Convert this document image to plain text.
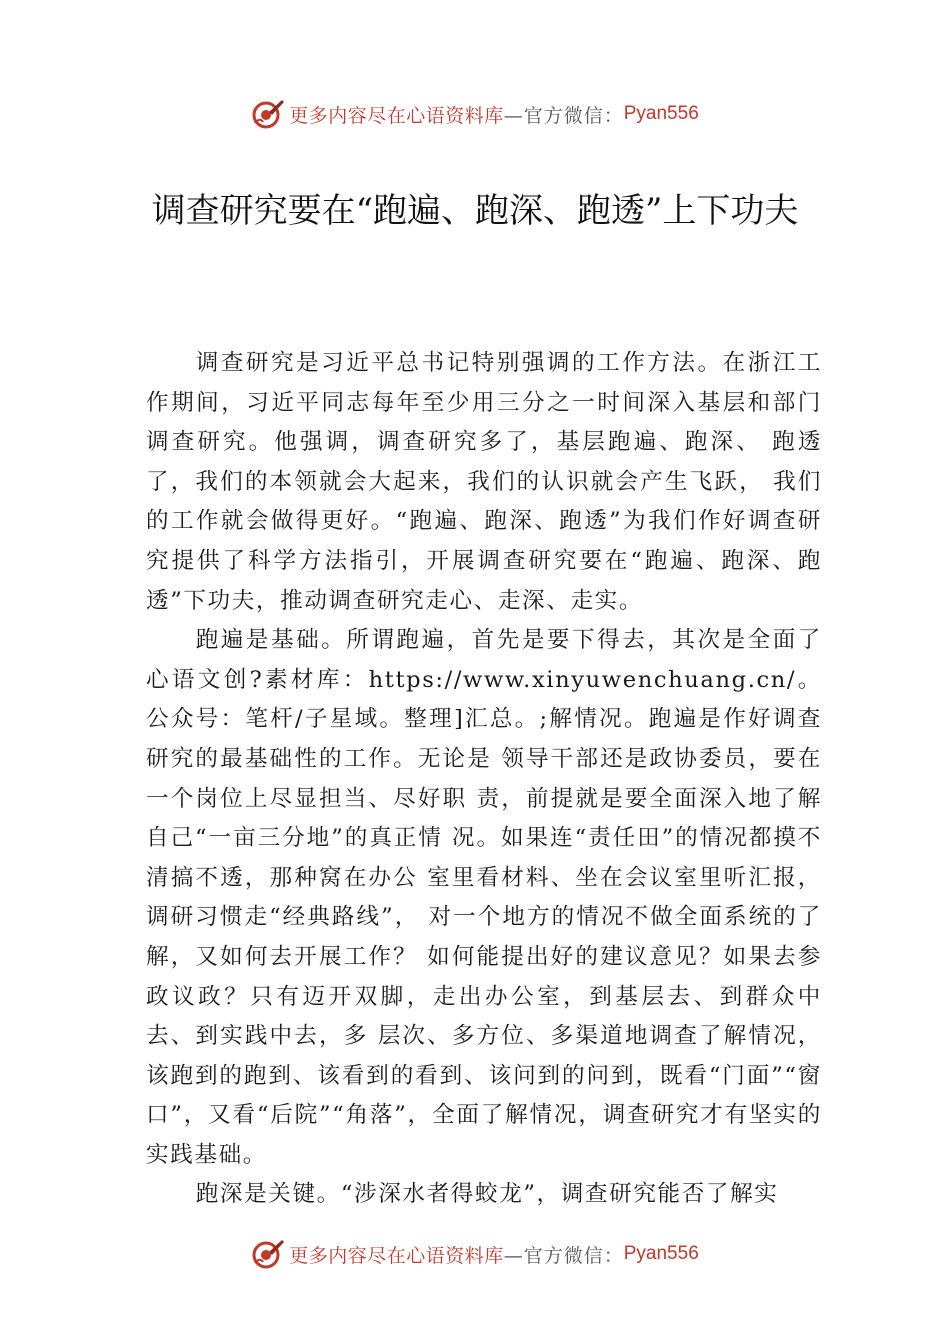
更多内容尽在心语资料库 —官方微信： Pyan556
调查研究要在“跑遍、跑深、跑透”上下功夫

调查研究是习近平总书记特别强调的工作方法。在浙江工作期间，习近平同志每年至少用三分之一时间深入基层和部门调查研究。他强调，调查研究多了，基层跑遍、跑深、 跑透了，我们的本领就会大起来，我们的认识就会产生飞跃， 我们的工作就会做得更好。“跑遍、跑深、跑透”为我们作好调查研究提供了科学方法指引，开展调查研究要在“跑遍、跑深、跑透”下功夫，推动调查研究走心、走深、走实。

跑遍是基础。所谓跑遍，首先是要下得去，其次是全面了心语文创?素材库：https://www.xinyuwenchuang.cn/。公众号：笔杆/子星域。整理]汇总。;解情况。跑遍是作好调查研究的最基础性的工作。无论是 领导干部还是政协委员，要在一个岗位上尽显担当、尽好职 责，前提就是要全面深入地了解自己“一亩三分地”的真正情 况。如果连“责任田”的情况都摸不清搞不透，那种窝在办公 室里看材料、坐在会议室里听汇报，调研习惯走“经典路线”， 对一个地方的情况不做全面系统的了解，又如何去开展工作？ 如何能提出好的建议意见？如果去参政议政？只有迈开双脚，走出办公室，到基层去、到群众中去、到实践中去，多 层次、多方位、多渠道地调查了解情况，该跑到的跑到、该看到的看到、该问到的问到，既看“门面”“窗口”，又看“后院”“角落”，全面了解情况，调查研究才有坚实的实践基础。

跑深是关键。“涉深水者得蛟龙”，调查研究能否了解实

更多内容尽在心语资料库 —官方微信： Pyan556
